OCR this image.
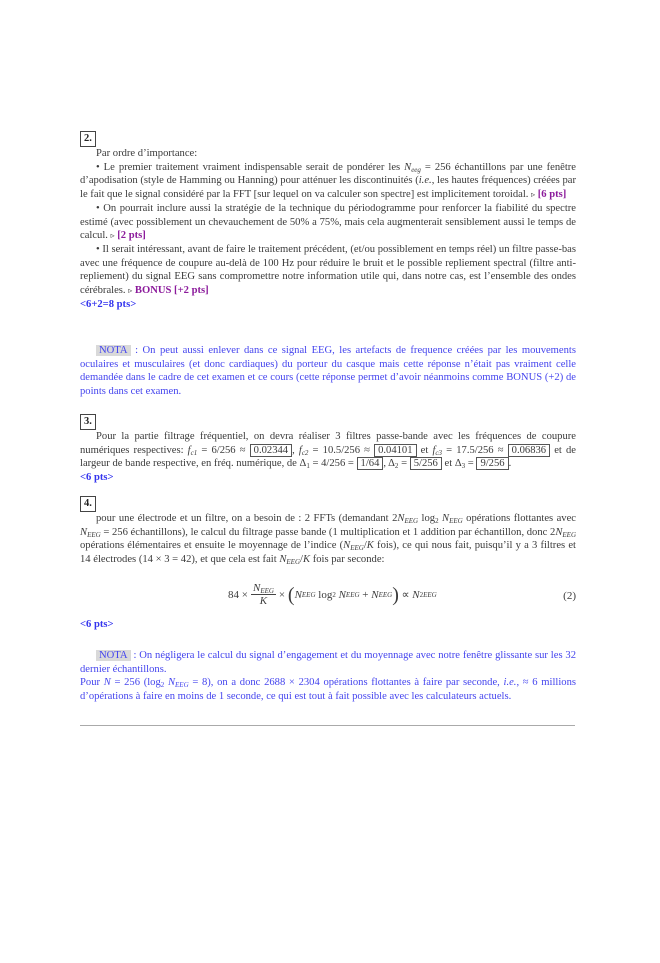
2.

Par ordre d’importance:

• Le premier traitement vraiment indispensable serait de pondérer les $N_{eeg} = 256$ échantillons par une fenêtre d’apodisation (style de Hamming ou Hanning) pour atténuer les discontinuités (i.e., les hautes fréquences) créées par le fait que le signal considéré par la FFT [sur lequel on va calculer son spectre] est implicitement toroidal. ▹ [6 pts]

• On pourrait inclure aussi la stratégie de la technique du périodogramme pour renforcer la fiabilité du spectre estimé (avec possiblement un chevauchement de 50% a 75%, mais cela augmenterait sensiblement aussi le temps de calcul. ▹ [2 pts]

• Il serait intéressant, avant de faire le traitement précédent, (et/ou possiblement en temps réel) un filtre passe-bas avec une fréquence de coupure au-delà de 100 Hz pour réduire le bruit et le possible repliement spectral (filtre anti-repliement) du signal EEG sans compromettre notre information utile qui, dans notre cas, est l’ensemble des ondes cérébrales. ▹ BONUS [+2 pts]

<6+2=8 pts>

NOTA : On peut aussi enlever dans ce signal EEG, les artefacts de frequence créées par les mouvements oculaires et musculaires (et donc cardiaques) du porteur du casque mais cette réponse n’était pas vraiment celle demandée dans le cadre de cet examen et ce cours (cette réponse permet d’avoir néanmoins comme BONUS (+2) de points dans cet examen.

3.

Pour la partie filtrage fréquentiel, on devra réaliser 3 filtres passe-bande avec les fréquences de coupure numériques respectives: $f_{c1} = 6/256 \approx 0.02344$ , $f_{c2} = 10.5/256 \approx 0.04101$ et $f_{c3} = 17.5/256 \approx 0.06836$ et de largeur de bande respective, en fréq. numérique, de $\Delta_1 = 4/256 = 1/64$ , $\Delta_2 = 5/256$ et $\Delta_3 = 9/256$ .

<6 pts>

4.

pour une électrode et un filtre, on a besoin de : 2 FFTs (demandant $2N_{EEG}$ $\log_2 N_{EEG}$ opérations flottantes avec $N_{EEG} = 256$ échantillons), le calcul du filtrage passe bande (1 multiplication et 1 addition par échantillon, donc $2N_{EEG}$ opérations élémentaires et ensuite le moyennage de l’indice ($N_{EEG}/K$ fois), ce qui nous fait, puisqu’il y a 3 filtres et 14 électrodes (14 × 3 = 42), et que cela est fait $N_{EEG}/K$ fois par seconde:

$84 \times \frac{N_{EEG}}{K}$ ×
( N EEG
log 2
N EEG
+
N EEG )
∝
N 2 EEG	(2)

<6 pts>

NOTA : On négligera le calcul du signal d’engagement et du moyennage avec notre fenêtre glissante sur les 32 dernier échantillons.

Pour N = 256 ($\log_2$ $N_{EEG} = 8$), on a donc 2688 × 2304 opérations flottantes à faire par seconde, i.e., ≈ 6 millions d’opérations à faire en moins de 1 seconde, ce qui est tout à fait possible avec les calculateurs actuels.
